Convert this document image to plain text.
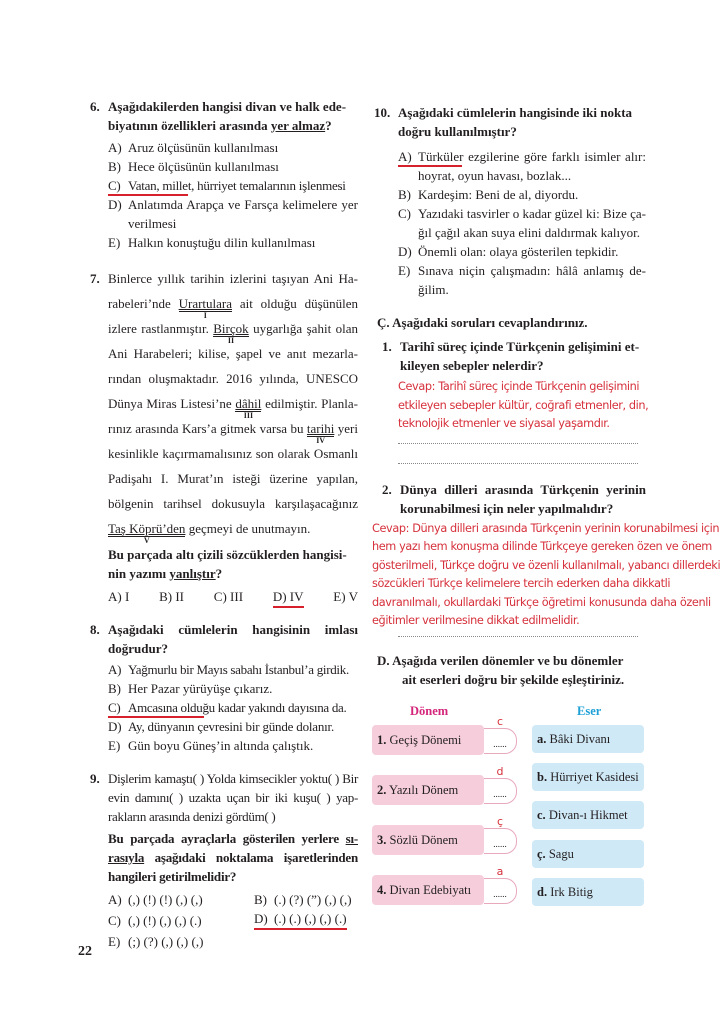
6. Aşağıdakilerden hangisi divan ve halk ede-
biyatının özellikleri arasında yer almaz?
A) Aruz ölçüsünün kullanılması
B) Hece ölçüsünün kullanılması
C) Vatan, millet, hürriyet temalarının işlenmesi
D) Anlatımda Arapça ve Farsça kelimelere yer verilmesi
E) Halkın konuştuğu dilin kullanılması
7. Binlerce yıllık tarihin izlerini taşıyan Ani Ha-rabeleri’nde Urartulara
I
ait olduğu düşünülen izlere rastlanmıştır. Birçok
II
uygarlığa şahit olan Ani Harabeleri; kilise, şapel ve anıt mezarla-rından oluşmaktadır. 2016 yılında, UNESCO Dünya Miras Listesi’ne dâhil
III
edilmiştir. Planla-rınız arasında Kars’a gitmek varsa bu tarihi
IV
yeri kesinlikle kaçırmamalısınız son olarak Osmanlı Padişahı I. Murat’ın isteği üzerine yapılan, bölgenin tarihsel dokusuyla karşılaşacağınız Taş Köprü’den
V
geçmeyi de unutmayın.
Bu parçada altı çizili sözcüklerden hangisi-
nin yazımı yanlıştır?
A) I B) II C) III D) IV E) V
8. Aşağıdaki cümlelerin hangisinin imlası
doğrudur?
A) Yağmurlu bir Mayıs sabahı İstanbul’a girdik.
B) Her Pazar yürüyüşe çıkarız.
C) Amcasına olduğu kadar yakındı dayısına da.
D) Ay, dünyanın çevresini bir günde dolanır.
E) Gün boyu Güneş’in altında çalıştık.
9. Dişlerim kamaştı( ) Yolda kimsecikler yoktu( ) Bir evin damını( ) uzakta uçan bir iki kuşu( ) yap-rakların arasında denizi gördüm( )
Bu parçada ayraçlarla gösterilen yerlere sı-rasıyla aşağıdaki noktalama işaretlerinden hangileri getirilmelidir?
A) (,) (!) (!) (,) (,)	B) (.) (?) (”) (,) (,)
C) (,) (!) (,) (,) (.)	D) (.) (.) (,) (,) (.)
E) (;) (?) (,) (,) (,)
22
10. Aşağıdaki cümlelerin hangisinde iki nokta
doğru kullanılmıştır?
A) Türküler ezgilerine göre farklı isimler alır: hoyrat, oyun havası, bozlak...
B) Kardeşim: Beni de al, diyordu.
C) Yazıdaki tasvirler o kadar güzel ki: Bize ça-ğıl çağıl akan suya elini daldırmak kalıyor.
D) Önemli olan: olaya gösterilen tepkidir.
E) Sınava niçin çalışmadın: hâlâ anlamış de-ğilim.
Ç. Aşağıdaki soruları cevaplandırınız.
1. Tarihî süreç içinde Türkçenin gelişimini et-
kileyen sebepler nelerdir?
Cevap: Tarihî süreç içinde Türkçenin gelişimini etkileyen sebepler kültür, coğrafi etmenler, din, teknolojik etmenler ve siyasal yaşamdır.
2. Dünya dilleri arasında Türkçenin yerinin
korunabilmesi için neler yapılmalıdır?
Cevap: Dünya dilleri arasında Türkçenin yerinin korunabilmesi için hem yazı hem konuşma dilinde Türkçeye gereken özen ve önem gösterilmeli, Türkçe doğru ve özenli kullanılmalı, yabancı dillerdeki sözcükleri Türkçe kelimelere tercih ederken daha dikkatli davranılmalı, okullardaki Türkçe öğretimi konusunda daha özenli eğitimler verilmesine dikkat edilmelidir.
D. Aşağıda verilen dönemler ve bu dönemler
ait eserleri doğru bir şekilde eşleştiriniz.
Dönem	Eser
1. Geçiş Dönemi
c
......
2. Yazılı Dönem
d
......
3. Sözlü Dönem
ç
......
4. Divan Edebiyatı
a
......
a. Bâki Divanı
b. Hürriyet Kasidesi
c. Divan-ı Hikmet
ç. Sagu
d. Irk Bitig
